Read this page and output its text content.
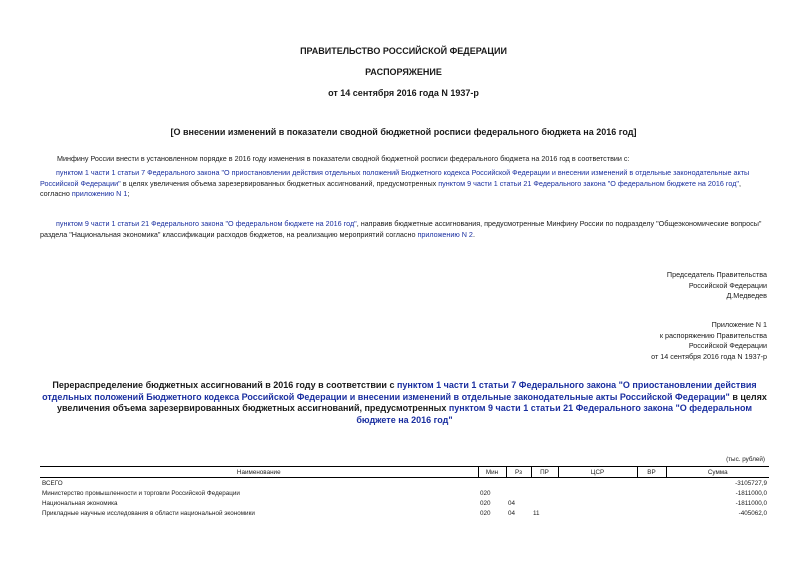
ПРАВИТЕЛЬСТВО РОССИЙСКОЙ ФЕДЕРАЦИИ
РАСПОРЯЖЕНИЕ
от 14 сентября 2016 года N 1937-р
[О внесении изменений в показатели сводной бюджетной росписи федерального бюджета на 2016 год]
Минфину России внести в установленном порядке в 2016 году изменения в показатели сводной бюджетной росписи федерального бюджета на 2016 год в соответствии с:
пунктом 1 части 1 статьи 7 Федерального закона "О приостановлении действия отдельных положений Бюджетного кодекса Российской Федерации и внесении изменений в отдельные законодательные акты Российской Федерации" в целях увеличения объема зарезервированных бюджетных ассигнований, предусмотренных пунктом 9 части 1 статьи 21 Федерального закона "О федеральном бюджете на 2016 год", согласно приложению N 1;
пунктом 9 части 1 статьи 21 Федерального закона "О федеральном бюджете на 2016 год", направив бюджетные ассигнования, предусмотренные Минфину России по подразделу "Общеэкономические вопросы" раздела "Национальная экономика" классификации расходов бюджетов, на реализацию мероприятий согласно приложению N 2.
Председатель Правительства
Российской Федерации
Д.Медведев
Приложение N 1
к распоряжению Правительства
Российской Федерации
от 14 сентября 2016 года N 1937-р
Перераспределение бюджетных ассигнований в 2016 году в соответствии с пунктом 1 части 1 статьи 7 Федерального закона "О приостановлении действия отдельных положений Бюджетного кодекса Российской Федерации и внесении изменений в отдельные законодательные акты Российской Федерации" в целях увеличения объема зарезервированных бюджетных ассигнований, предусмотренных пунктом 9 части 1 статьи 21 Федерального закона "О федеральном бюджете на 2016 год"
(тыс. рублей)
Наименование	Мин	Рз	ПР	ЦСР	ВР	Сумма
ВСЕГО						-3105727,9
Министерство промышленности и торговли Российской Федерации	020					-1811000,0
Национальная экономика	020	04				-1811000,0
Прикладные научные исследования в области национальной экономики	020	04	11			-405062,0
